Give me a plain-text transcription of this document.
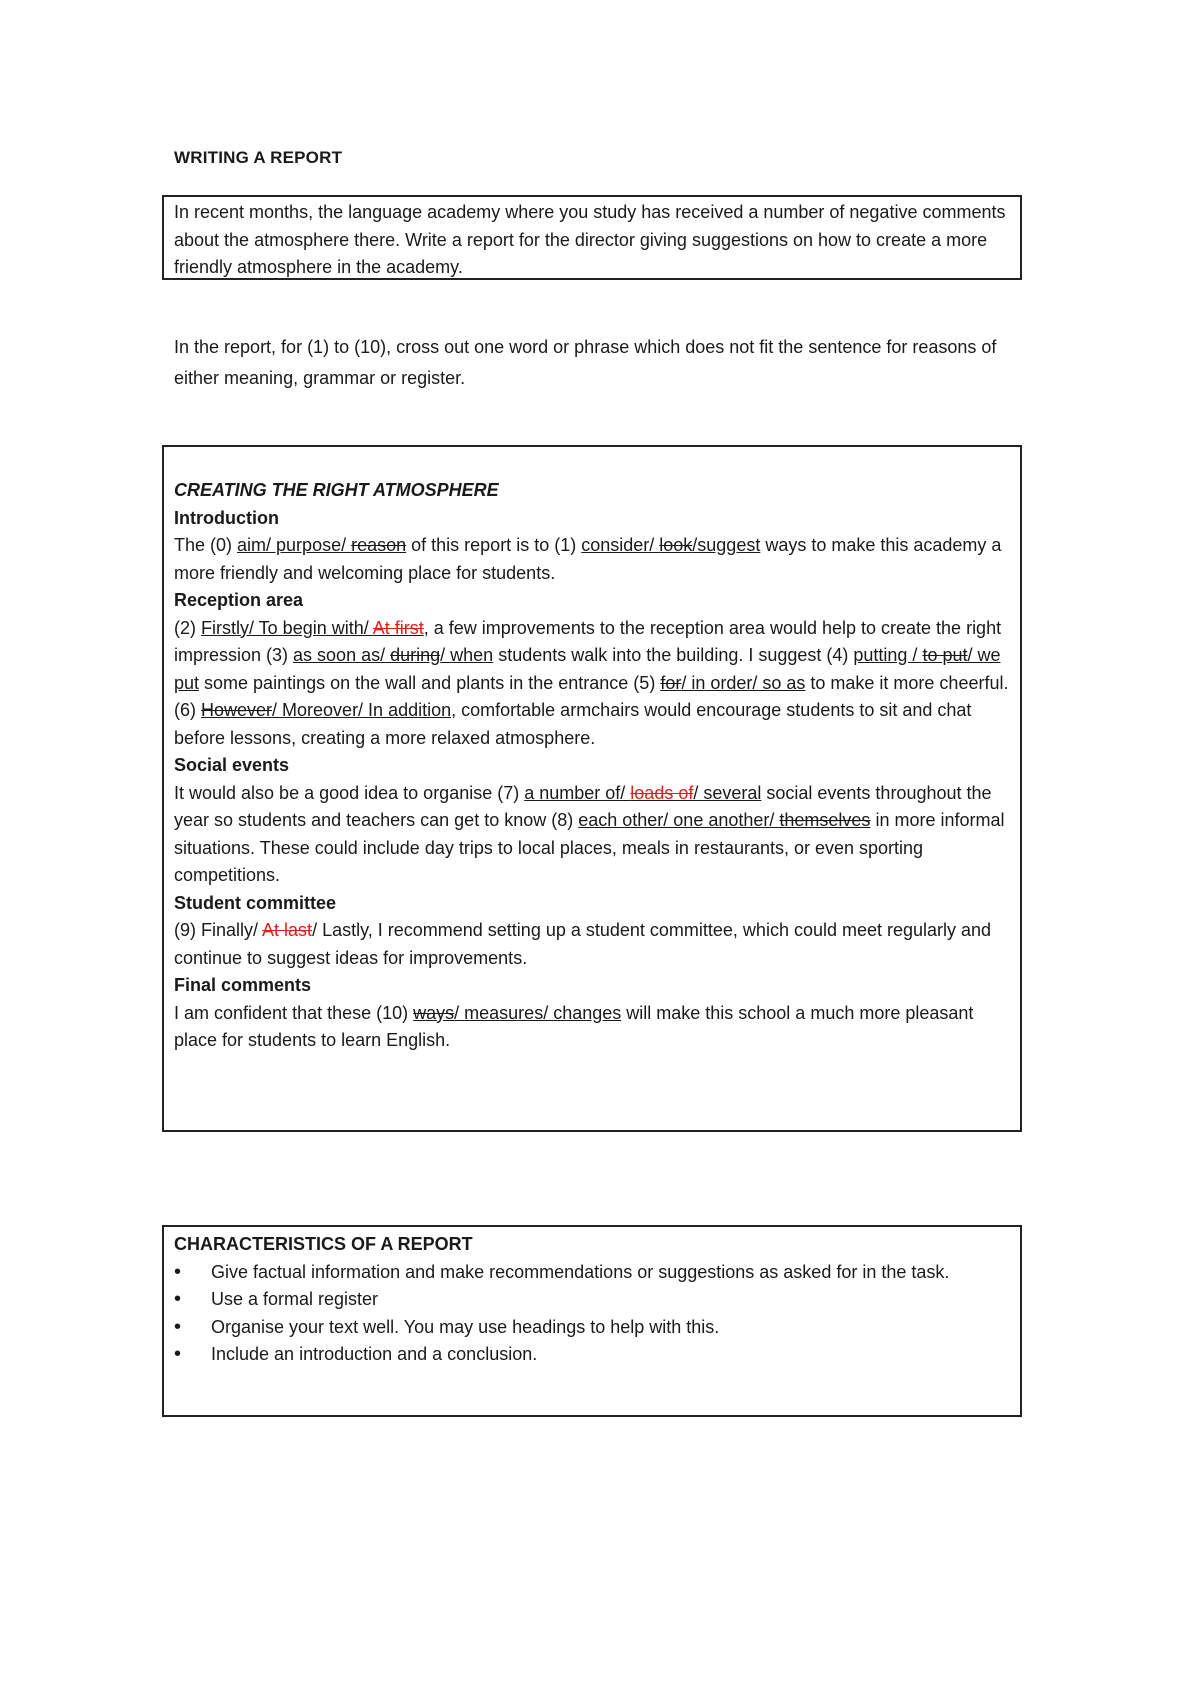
WRITING A REPORT

In recent months, the language academy where you study has received a number of negative comments about the atmosphere there. Write a report for the director giving suggestions on how to create a more friendly atmosphere in the academy.

In the report, for (1) to (10), cross out one word or phrase which does not fit the sentence for reasons of either meaning, grammar or register.

CREATING THE RIGHT ATMOSPHERE

Introduction

The (0) aim/ purpose/ reason of this report is to (1) consider/ look/suggest ways to make this academy a more friendly and welcoming place for students.

Reception area

(2) Firstly/ To begin with/ At first, a few improvements to the reception area would help to create the right impression (3) as soon as/ during/ when students walk into the building. I suggest (4) putting / to put/ we put some paintings on the wall and plants in the entrance (5) for/ in order/ so as to make it more cheerful. (6) However/ Moreover/ In addition, comfortable armchairs would encourage students to sit and chat before lessons, creating a more relaxed atmosphere.

Social events

It would also be a good idea to organise (7) a number of/ loads of/ several social events throughout the year so students and teachers can get to know (8) each other/ one another/ themselves in more informal situations. These could include day trips to local places, meals in restaurants, or even sporting competitions.

Student committee

(9) Finally/ At last/ Lastly, I recommend setting up a student committee, which could meet regularly and continue to suggest ideas for improvements.

Final comments

I am confident that these (10) ways/ measures/ changes will make this school a much more pleasant place for students to learn English.

CHARACTERISTICS OF A REPORT

• Give factual information and make recommendations or suggestions as asked for in the task.
• Use a formal register
• Organise your text well. You may use headings to help with this.
• Include an introduction and a conclusion.
